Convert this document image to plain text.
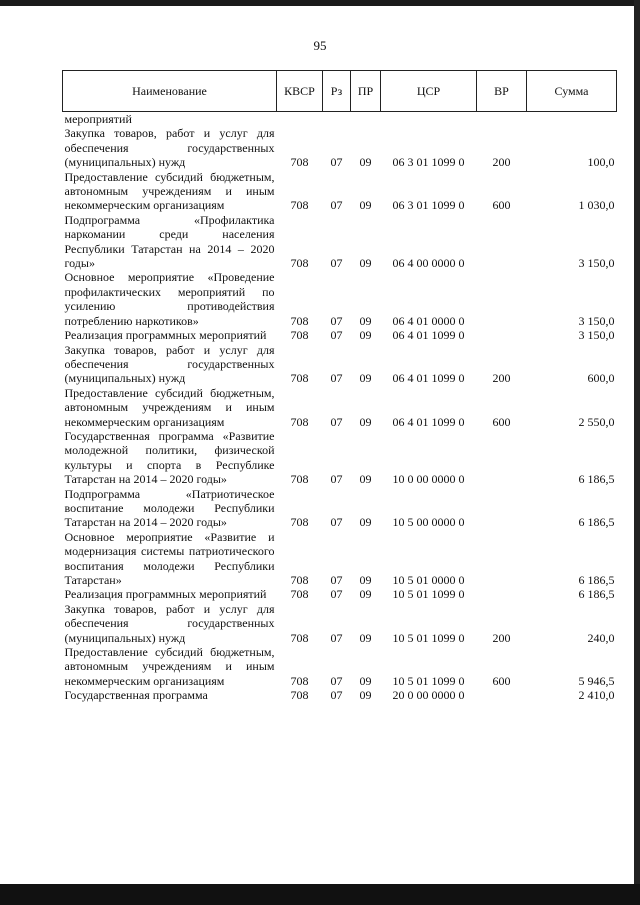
95
Наименование	КВСР	Рз	ПР	ЦСР	ВР	Сумма
мероприятий						
Закупка товаров, работ и услуг для обеспечения государственных (муниципальных) нужд	708	07	09	06 3 01 1099 0	200	100,0
Предоставление субсидий бюджетным, автономным учреждениям и иным некоммерческим организациям	708	07	09	06 3 01 1099 0	600	1 030,0
Подпрограмма «Профилактика наркомании среди населения Республики Татарстан на 2014 – 2020 годы»	708	07	09	06 4 00 0000 0		3 150,0
Основное мероприятие «Проведение профилактических мероприятий по усилению противодействия потреблению наркотиков»	708	07	09	06 4 01 0000 0		3 150,0
Реализация программных мероприятий	708	07	09	06 4 01 1099 0		3 150,0
Закупка товаров, работ и услуг для обеспечения государственных (муниципальных) нужд	708	07	09	06 4 01 1099 0	200	600,0
Предоставление субсидий бюджетным, автономным учреждениям и иным некоммерческим организациям	708	07	09	06 4 01 1099 0	600	2 550,0
Государственная программа «Развитие молодежной политики, физической культуры и спорта в Республике Татарстан на 2014 – 2020 годы»	708	07	09	10 0 00 0000 0		6 186,5
Подпрограмма «Патриотическое воспитание молодежи Республики Татарстан на 2014 – 2020 годы»	708	07	09	10 5 00 0000 0		6 186,5
Основное мероприятие «Развитие и модернизация системы патриотического воспитания молодежи Республики Татарстан»	708	07	09	10 5 01 0000 0		6 186,5
Реализация программных мероприятий	708	07	09	10 5 01 1099 0		6 186,5
Закупка товаров, работ и услуг для обеспечения государственных (муниципальных) нужд	708	07	09	10 5 01 1099 0	200	240,0
Предоставление субсидий бюджетным, автономным учреждениям и иным некоммерческим организациям	708	07	09	10 5 01 1099 0	600	5 946,5
Государственная программа	708	07	09	20 0 00 0000 0		2 410,0
